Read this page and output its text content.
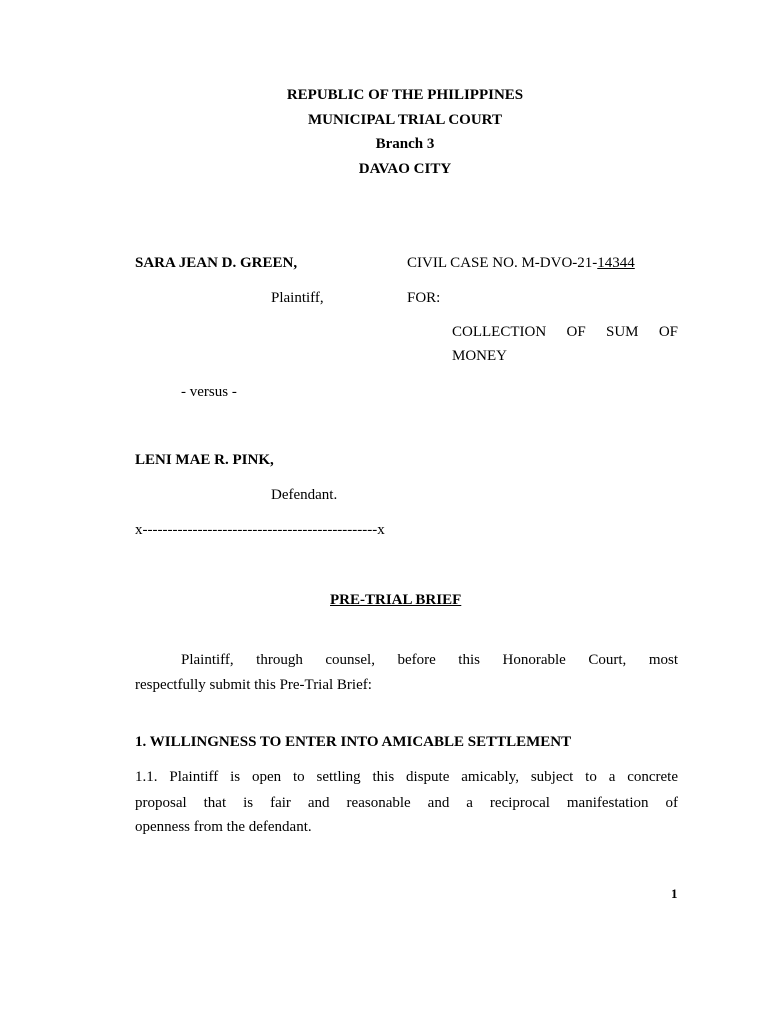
REPUBLIC OF THE PHILIPPINES
MUNICIPAL TRIAL COURT
Branch 3
DAVAO CITY
SARA JEAN D. GREEN,	CIVIL CASE NO. M-DVO-21-14344
Plaintiff,	FOR:
COLLECTION OF SUM OF
MONEY
- versus -
LENI MAE R. PINK,
Defendant.
x-----------------------------------------------x
PRE-TRIAL BRIEF
Plaintiff, through counsel, before this Honorable Court, most
respectfully submit this Pre-Trial Brief:
1. WILLINGNESS TO ENTER INTO AMICABLE SETTLEMENT
1.1. Plaintiff is open to settling this dispute amicably, subject to a concrete
proposal that is fair and reasonable and a reciprocal manifestation of
openness from the defendant.
1
